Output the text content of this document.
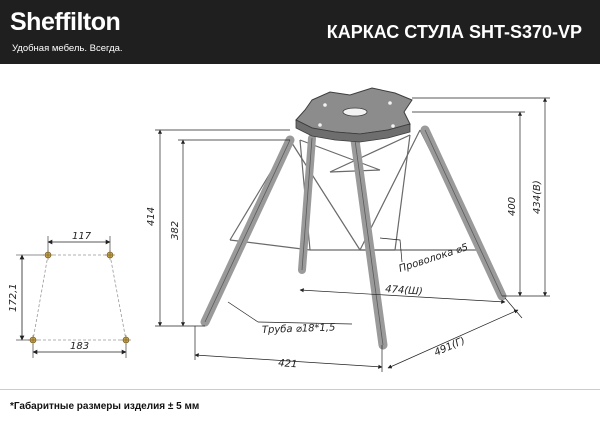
Sheffilton
Удобная мебель. Всегда.
КАРКАС СТУЛА SHT-S370-VP
117
183
172,1
414
382
400 434(В)
474(Ш)
421
491(Г)
Проволока ⌀5
Труба ⌀18*1,5
*Габаритные размеры изделия ± 5 мм
